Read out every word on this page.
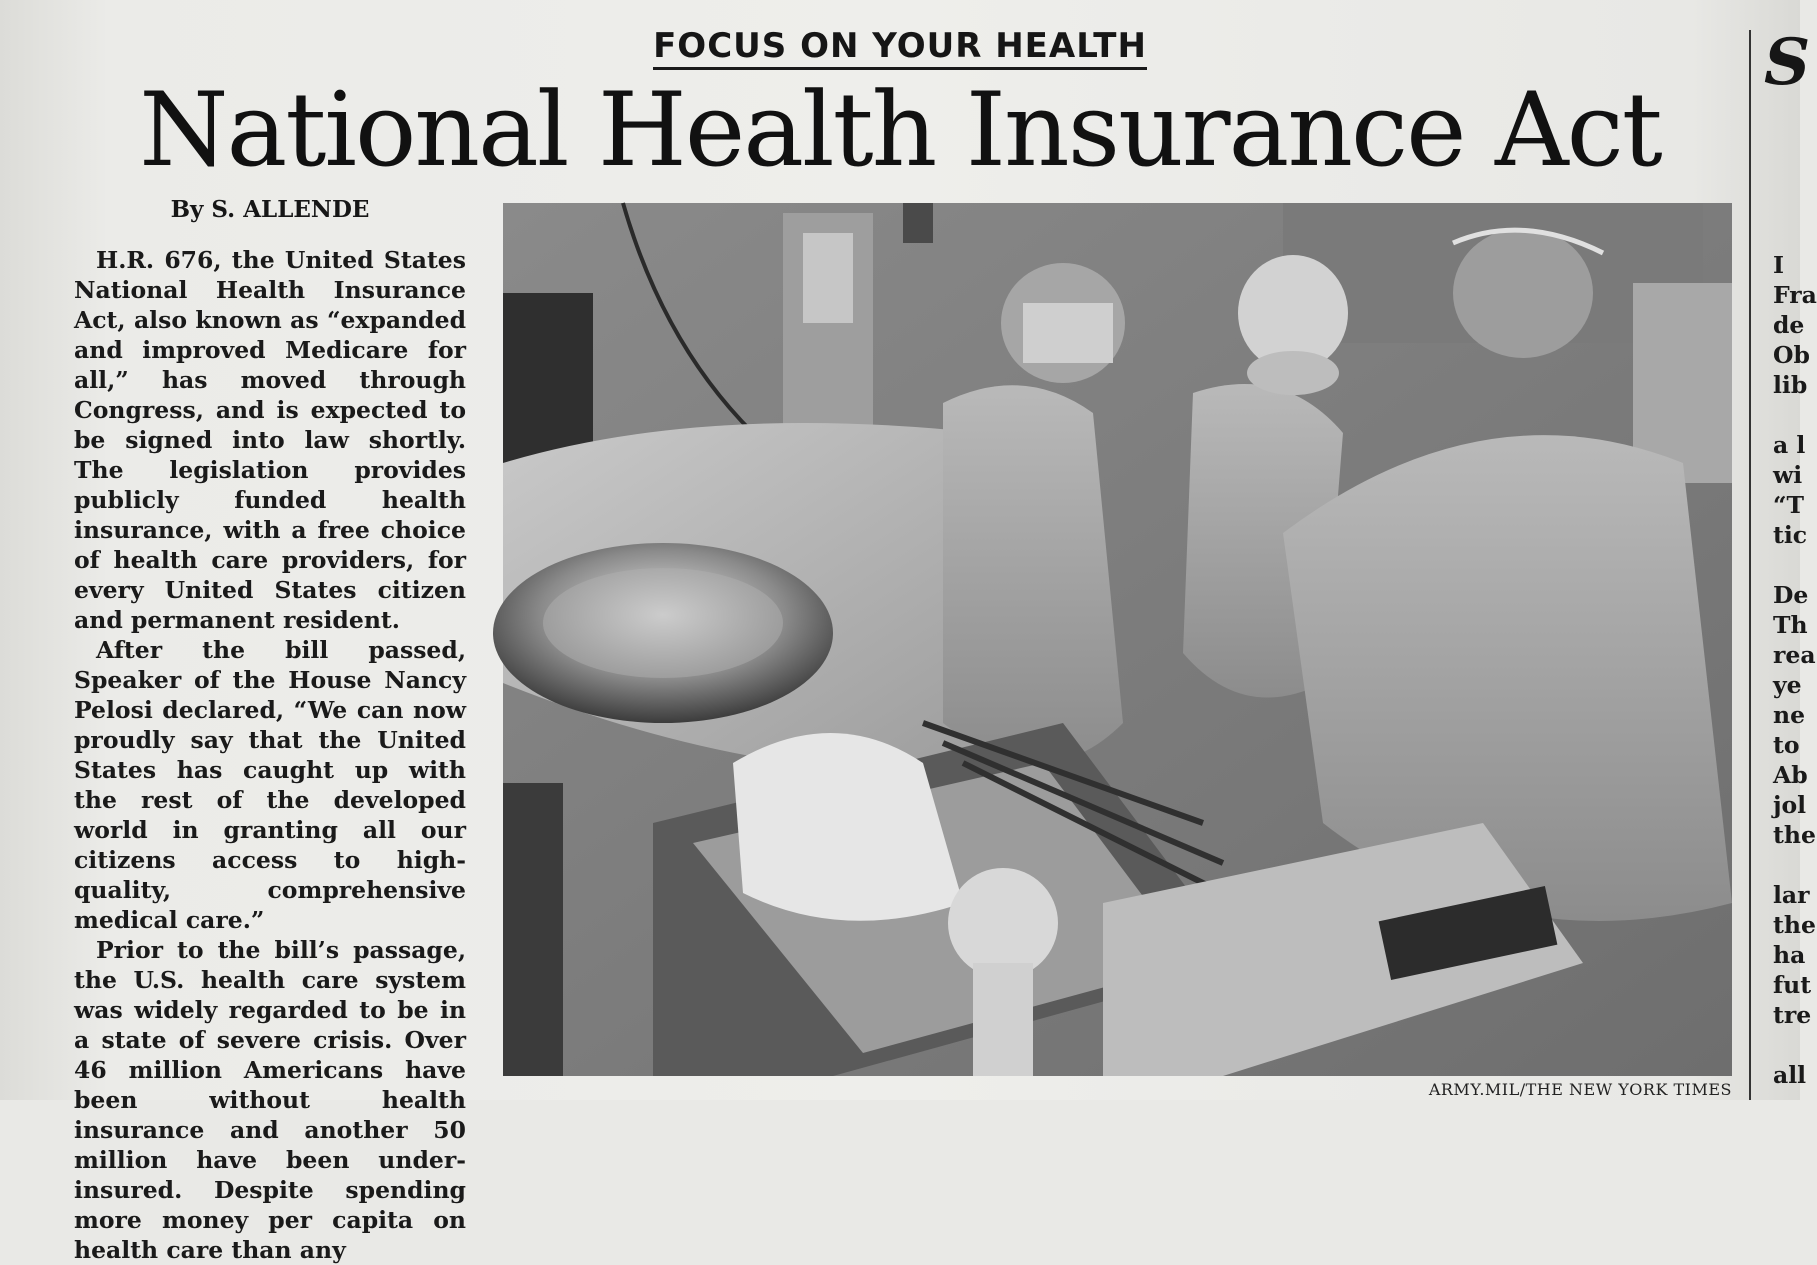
FOCUS ON YOUR HEALTH
National Health Insurance Act
By S. ALLENDE

H.R. 676, the United States National Health Insurance Act, also known as “expanded and improved Medicare for all,” has moved through Congress, and is expected to be signed into law shortly. The legislation provides publicly funded health insurance, with a free choice of health care providers, for every United States citizen and permanent resident.

After the bill passed, Speaker of the House Nancy Pelosi declared, “We can now proudly say that the United States has caught up with the rest of the developed world in granting all our citizens access to high-quality, comprehensive medical care.”

Prior to the bill’s passage, the U.S. health care system was widely regarded to be in a state of severe crisis. Over 46 million Americans have been without health insurance and another 50 million have been under-insured. Despite spending more money per capita on health care than any

ARMY.MIL/THE NEW YORK TIMES
S
I
Fra
de
Ob
lib
a l
wi
“T
tic
De
Th
rea
ye
ne
to
Ab
jol
the
lar
the
ha
fut
tre
all
